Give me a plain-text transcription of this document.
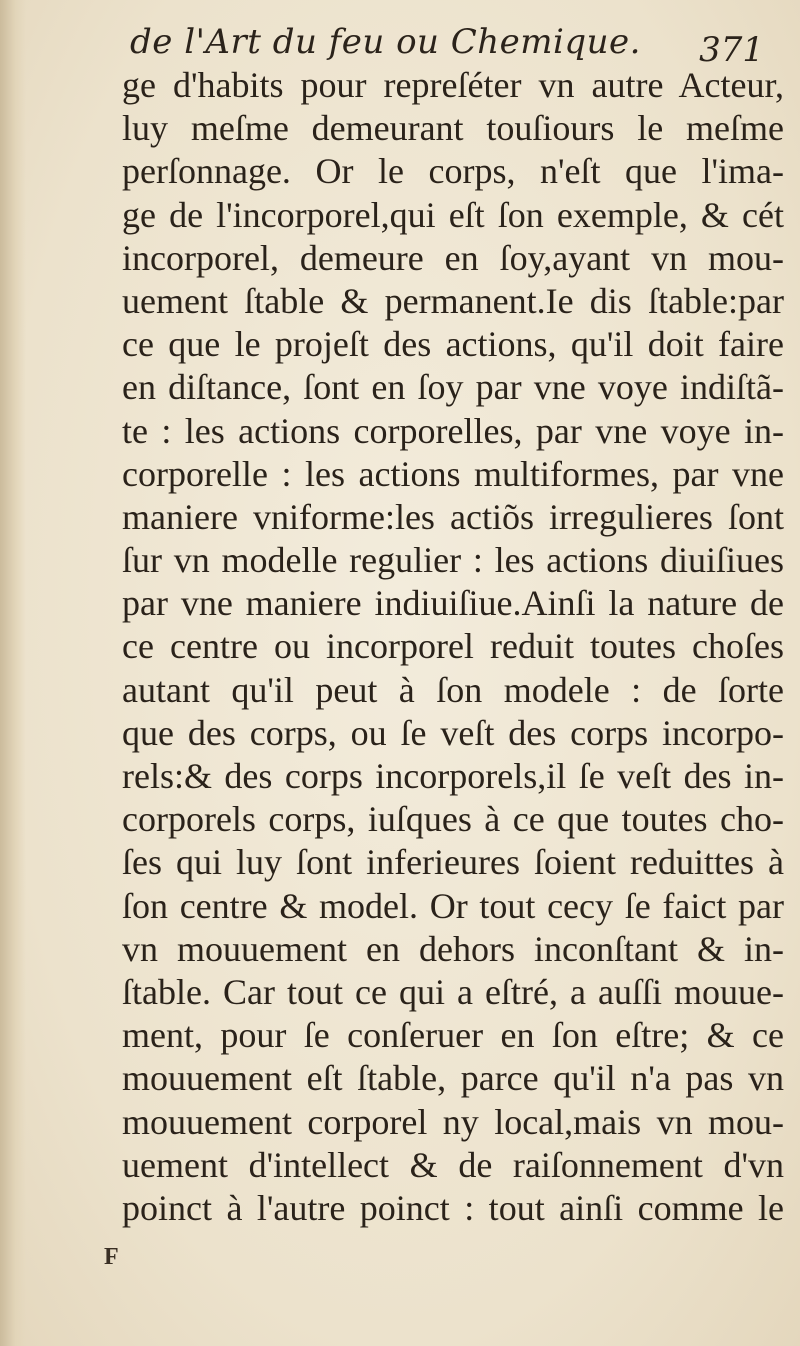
de l'Art du feu ou Chemique. 371
ge d'habits pour repreſéter vn autre Acteur,
luy meſme demeurant touſiours le meſme
perſonnage. Or le corps, n'eſt que l'ima-
ge de l'incorporel,qui eſt ſon exemple, & cét
incorporel, demeure en ſoy,ayant vn mou-
uement ſtable & permanent.Ie dis ſtable:par
ce que le projeſt des actions, qu'il doit faire
en diſtance, ſont en ſoy par vne voye indiſtã-
te : les actions corporelles, par vne voye in-
corporelle : les actions multiformes, par vne
maniere vniforme:les actiõs irregulieres ſont
ſur vn modelle regulier : les actions diuiſiues
par vne maniere indiuiſiue.Ainſi la nature de
ce centre ou incorporel reduit toutes choſes
autant qu'il peut à ſon modele : de ſorte
que des corps, ou ſe veſt des corps incorpo-
rels:& des corps incorporels,il ſe veſt des in-
corporels corps, iuſques à ce que toutes cho-
ſes qui luy ſont inferieures ſoient reduittes à
ſon centre & model. Or tout cecy ſe faict par
vn mouuement en dehors inconſtant & in-
ſtable. Car tout ce qui a eſtré, a auſſi mouue-
ment, pour ſe conſeruer en ſon eſtre; & ce
mouuement eſt ſtable, parce qu'il n'a pas vn
mouuement corporel ny local,mais vn mou-
uement d'intellect & de raiſonnement d'vn
poinct à l'autre poinct : tout ainſi comme le
F
